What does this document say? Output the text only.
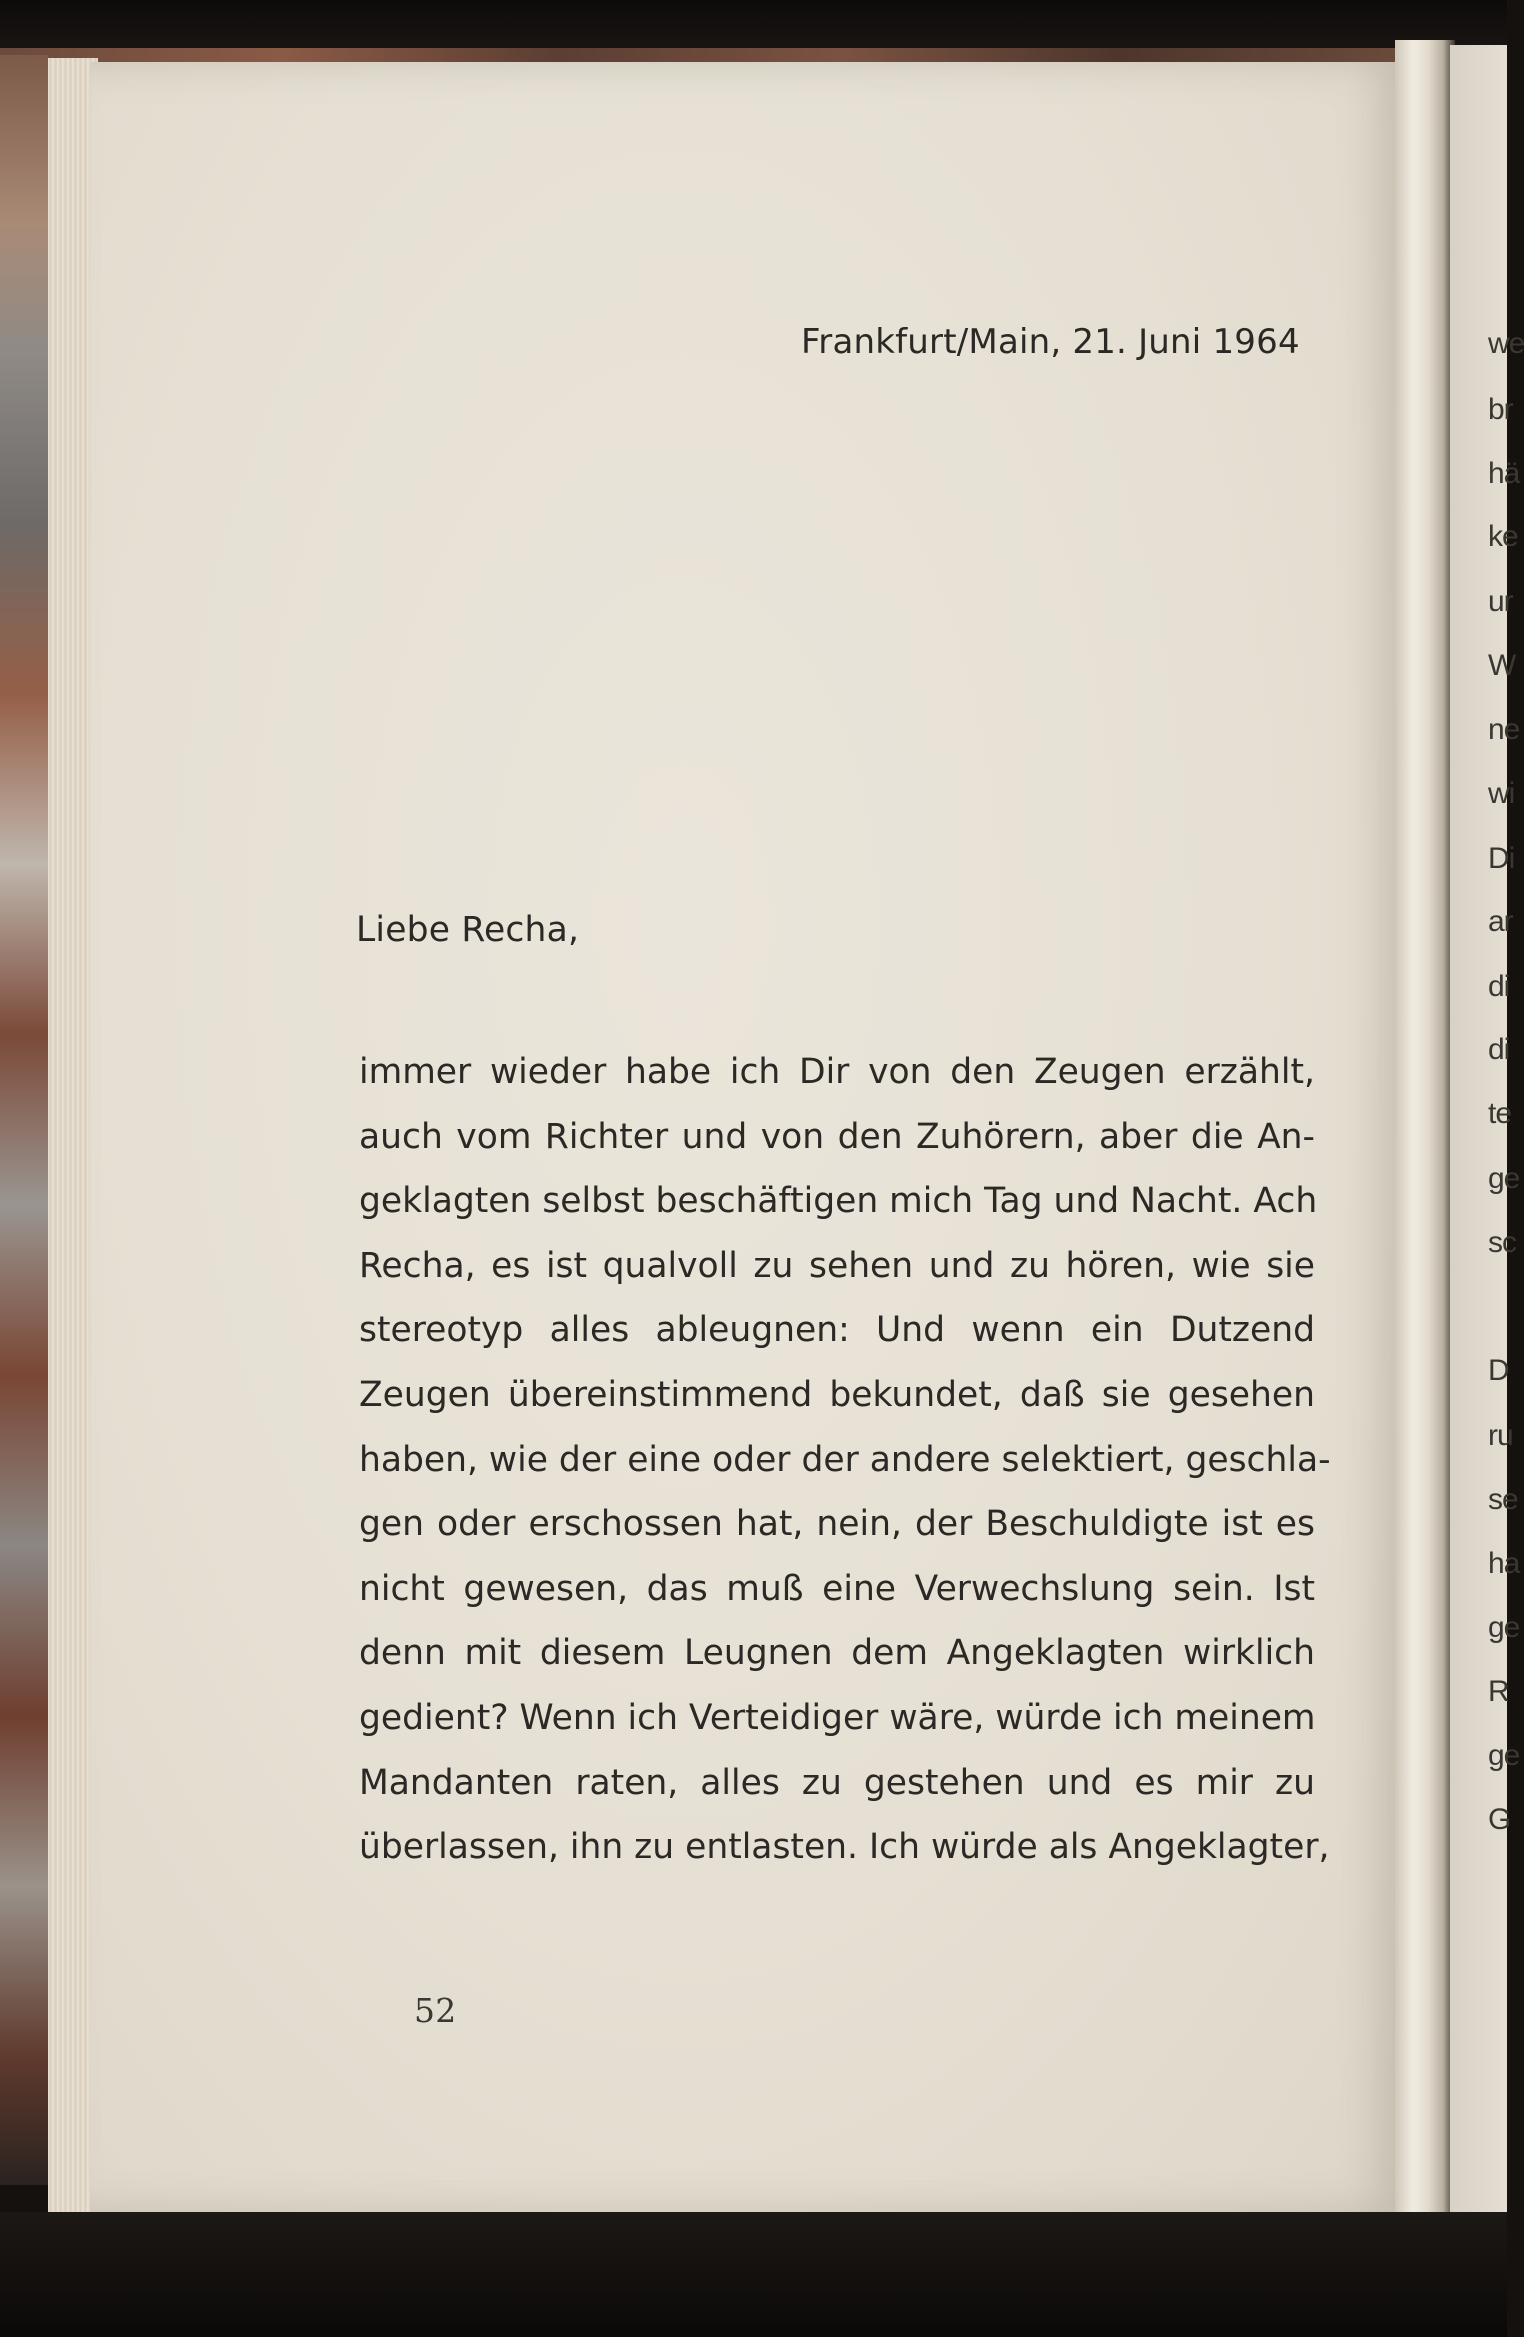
Frankfurt/Main, 21. Juni 1964
Liebe Recha,
immer wieder habe ich Dir von den Zeugen erzählt,
auch vom Richter und von den Zuhörern, aber die An-
geklagten selbst beschäftigen mich Tag und Nacht. Ach
Recha, es ist qualvoll zu sehen und zu hören, wie sie
stereotyp alles ableugnen: Und wenn ein Dutzend
Zeugen übereinstimmend bekundet, daß sie gesehen
haben, wie der eine oder der andere selektiert, geschla-
gen oder erschossen hat, nein, der Beschuldigte ist es
nicht gewesen, das muß eine Verwechslung sein. Ist
denn mit diesem Leugnen dem Angeklagten wirklich
gedient? Wenn ich Verteidiger wäre, würde ich meinem
Mandanten raten, alles zu gestehen und es mir zu
überlassen, ihn zu entlasten. Ich würde als Angeklagter,
52
we
br
hä
ke
ur
W
ne
wi
Di
ar
di
di
te
ge
sc
D
ru
se
ha
ge
R
ge
G
